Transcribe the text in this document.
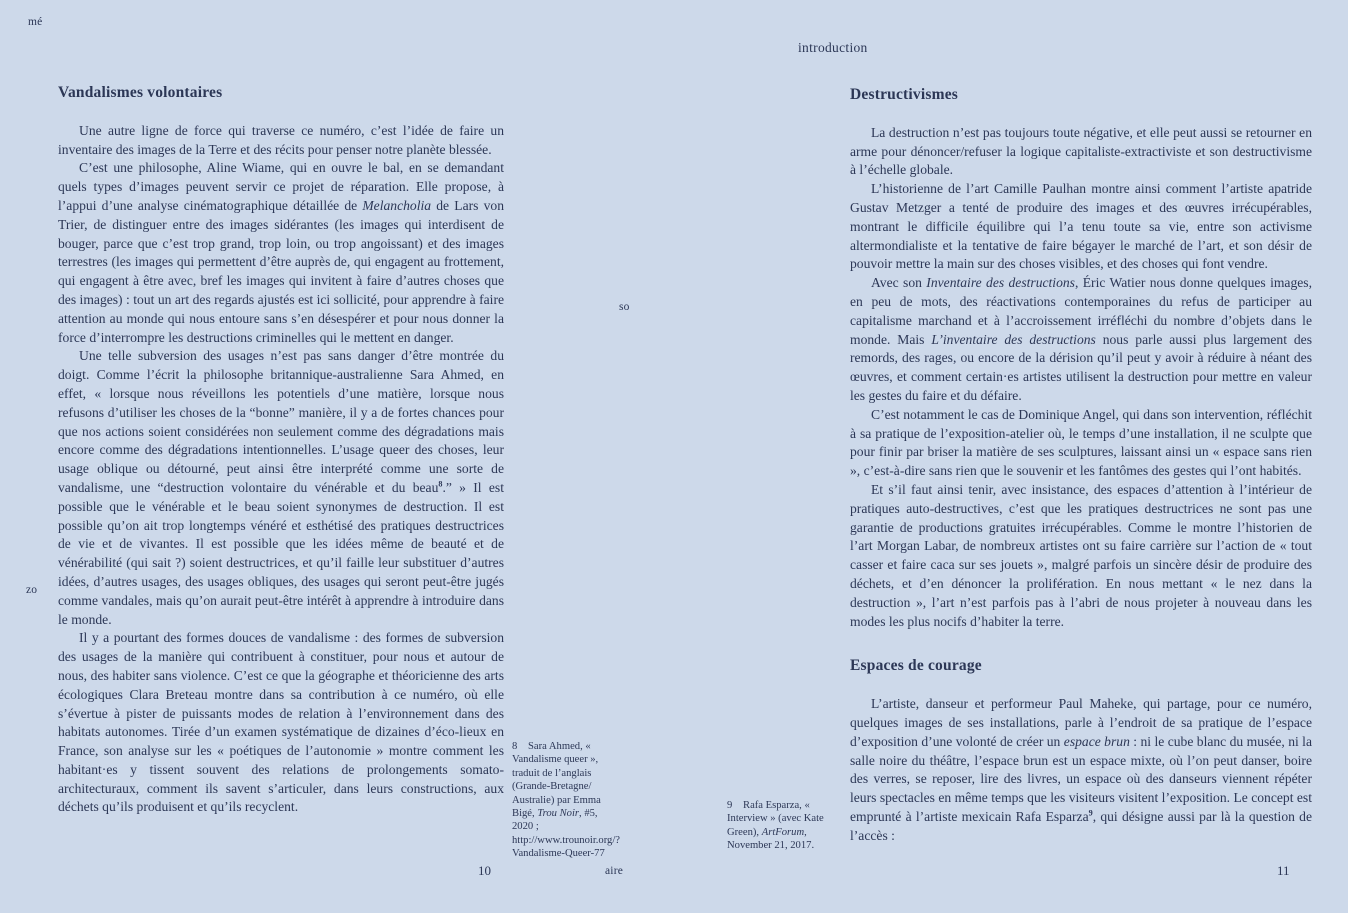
introduction
mé
so
zo
aire
Vandalismes volontaires

Une autre ligne de force qui traverse ce numéro, c’est l’idée de faire un inventaire des images de la Terre et des récits pour penser notre planète blessée.

C’est une philosophe, Aline Wiame, qui en ouvre le bal, en se demandant quels types d’images peuvent servir ce projet de réparation. Elle propose, à l’appui d’une analyse cinématographique détaillée de Melancholia de Lars von Trier, de distinguer entre des images sidérantes (les images qui interdisent de bouger, parce que c’est trop grand, trop loin, ou trop angoissant) et des images terrestres (les images qui permettent d’être auprès de, qui engagent au frottement, qui engagent à être avec, bref les images qui invitent à faire d’autres choses que des images) : tout un art des regards ajustés est ici sollicité, pour apprendre à faire attention au monde qui nous entoure sans s’en désespérer et pour nous donner la force d’interrompre les destructions criminelles qui le mettent en danger.

Une telle subversion des usages n’est pas sans danger d’être montrée du doigt. Comme l’écrit la philosophe britannique-australienne Sara Ahmed, en effet, « lorsque nous réveillons les potentiels d’une matière, lorsque nous refusons d’utiliser les choses de la “bonne” manière, il y a de fortes chances pour que nos actions soient considérées non seulement comme des dégradations mais encore comme des dégradations intentionnelles. L’usage queer des choses, leur usage oblique ou détourné, peut ainsi être interprété comme une sorte de vandalisme, une “destruction volontaire du vénérable et du beau$^8$.” » Il est possible que le vénérable et le beau soient synonymes de destruction. Il est possible qu’on ait trop longtemps vénéré et esthétisé des pratiques destructrices de vie et de vivantes. Il est possible que les idées même de beauté et de vénérabilité (qui sait ?) soient destructrices, et qu’il faille leur substituer d’autres idées, d’autres usages, des usages obliques, des usages qui seront peut-être jugés comme vandales, mais qu’on aurait peut-être intérêt à apprendre à introduire dans le monde.

Il y a pourtant des formes douces de vandalisme : des formes de subversion des usages de la manière qui contribuent à constituer, pour nous et autour de nous, des habiter sans violence. C’est ce que la géographe et théoricienne des arts écologiques Clara Breteau montre dans sa contribution à ce numéro, où elle s’évertue à pister de puissants modes de relation à l’environnement dans des habitats autonomes. Tirée d’un examen systématique de dizaines d’éco-lieux en France, son analyse sur les « poétiques de l’autonomie » montre comment les habitant·es y tissent souvent des relations de prolongements somato-architecturaux, comment ils savent s’articuler, dans leurs constructions, aux déchets qu’ils produisent et qu’ils recyclent.

Destructivismes

La destruction n’est pas toujours toute négative, et elle peut aussi se retourner en arme pour dénoncer/refuser la logique capitaliste-extractiviste et son destructivisme à l’échelle globale.

L’historienne de l’art Camille Paulhan montre ainsi comment l’artiste apatride Gustav Metzger a tenté de produire des images et des œuvres irrécupérables, montrant le difficile équilibre qui l’a tenu toute sa vie, entre son activisme altermondialiste et la tentative de faire bégayer le marché de l’art, et son désir de pouvoir mettre la main sur des choses visibles, et des choses qui font vendre.

Avec son Inventaire des destructions, Éric Watier nous donne quelques images, en peu de mots, des réactivations contemporaines du refus de participer au capitalisme marchand et à l’accroissement irréfléchi du nombre d’objets dans le monde. Mais L’inventaire des destructions nous parle aussi plus largement des remords, des rages, ou encore de la dérision qu’il peut y avoir à réduire à néant des œuvres, et comment certain·es artistes utilisent la destruction pour mettre en valeur les gestes du faire et du défaire.

C’est notamment le cas de Dominique Angel, qui dans son intervention, réfléchit à sa pratique de l’exposition-atelier où, le temps d’une installation, il ne sculpte que pour finir par briser la matière de ses sculptures, laissant ainsi un « espace sans rien », c’est-à-dire sans rien que le souvenir et les fantômes des gestes qui l’ont habités.

Et s’il faut ainsi tenir, avec insistance, des espaces d’attention à l’intérieur de pratiques auto-destructives, c’est que les pratiques destructrices ne sont pas une garantie de productions gratuites irrécupérables. Comme le montre l’historien de l’art Morgan Labar, de nombreux artistes ont su faire carrière sur l’action de « tout casser et faire caca sur ses jouets », malgré parfois un sincère désir de produire des déchets, et d’en dénoncer la prolifération. En nous mettant « le nez dans la destruction », l’art n’est parfois pas à l’abri de nous projeter à nouveau dans les modes les plus nocifs d’habiter la terre.

Espaces de courage

L’artiste, danseur et performeur Paul Maheke, qui partage, pour ce numéro, quelques images de ses installations, parle à l’endroit de sa pratique de l’espace d’exposition d’une volonté de créer un espace brun : ni le cube blanc du musée, ni la salle noire du théâtre, l’espace brun est un espace mixte, où l’on peut danser, boire des verres, se reposer, lire des livres, un espace où des danseurs viennent répéter leurs spectacles en même temps que les visiteurs visitent l’exposition. Le concept est emprunté à l’artiste mexicain Rafa Esparza$^9$, qui désigne aussi par là la question de l’accès :

8 Sara Ahmed, « Vandalisme queer », traduit de l’anglais (Grande-Bretagne/ Australie) par Emma Bigé, Trou Noir, #5, 2020 ; http://www.trounoir.org/?Vandalisme-Queer-77
9 Rafa Esparza, « Interview » (avec Kate Green), ArtForum, November 21, 2017.
10	11
